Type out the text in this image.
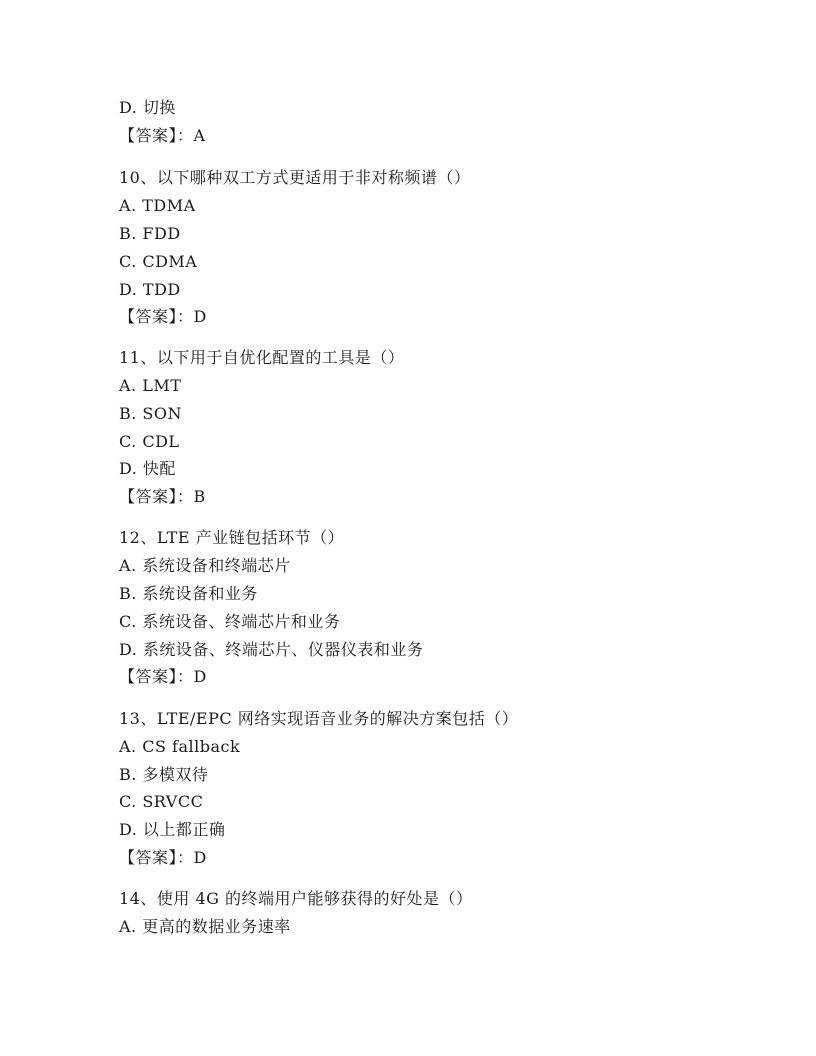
D. 切换
【答案】：A
10、以下哪种双工方式更适用于非对称频谱（）
A. TDMA
B. FDD
C. CDMA
D. TDD
【答案】：D
11、以下用于自优化配置的工具是（）
A. LMT
B. SON
C. CDL
D. 快配
【答案】：B
12、LTE 产业链包括环节（）
A. 系统设备和终端芯片
B. 系统设备和业务
C. 系统设备、终端芯片和业务
D. 系统设备、终端芯片、仪器仪表和业务
【答案】：D
13、LTE/EPC 网络实现语音业务的解决方案包括（）
A. CS fallback
B. 多模双待
C. SRVCC
D. 以上都正确
【答案】：D
14、使用 4G 的终端用户能够获得的好处是（）
A. 更高的数据业务速率
